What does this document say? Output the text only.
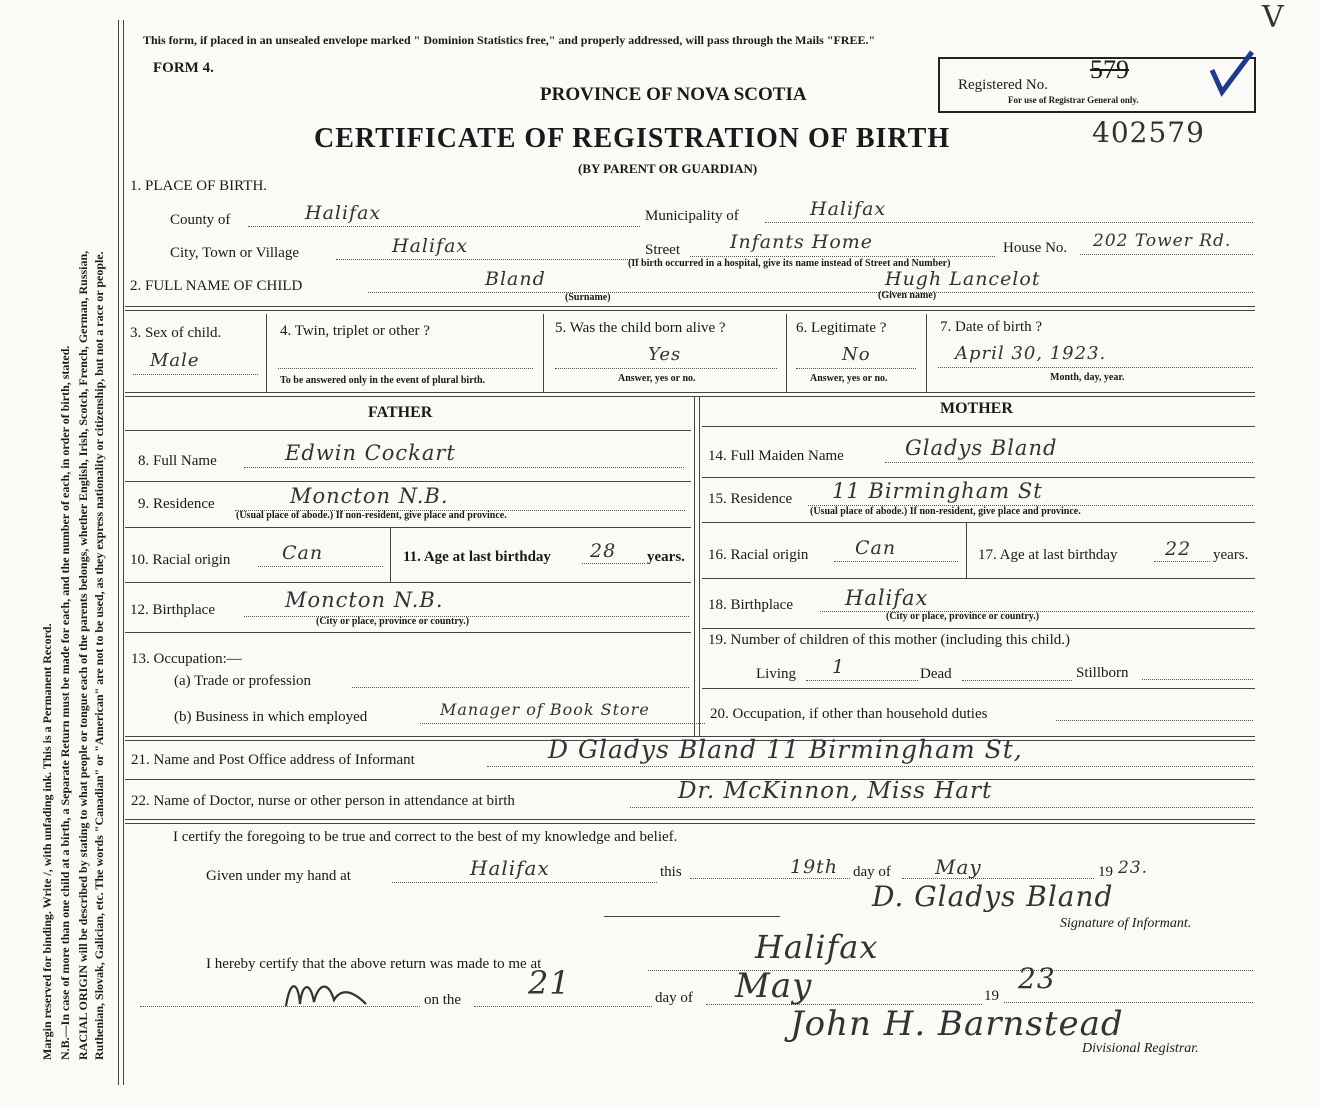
Margin reserved for binding. Write /, with unfading ink. This is a Permanent Record. N.B.—In case of more than one child at a birth, a Separate Return must be made for each, and the number of each, in order of birth, stated. RACIAL ORIGIN will be described by stating to what people or tongue each of the parents belongs, whether English, Irish, Scotch, French, German, Russian, Ruthenian, Slovak, Galician, etc. The words "Canadian" or "American" are not to be used, as they express nationality or citizenship, but not a race or people.
This form, if placed in an unsealed envelope marked " Dominion Statistics free," and properly addressed, will pass through the Mails "FREE."
FORM 4.
PROVINCE OF NOVA SCOTIA
CERTIFICATE OF REGISTRATION OF BIRTH	402579
(BY PARENT OR GUARDIAN)
V
Registered No.
579
For use of Registrar General only.
1. PLACE OF BIRTH.
County of	Halifax	Municipality of	Halifax
City, Town or Village	Halifax	Street	Infants Home	House No. 202 Tower Rd.
(If birth occurred in a hospital, give its name instead of Street and Number)
2. FULL NAME OF CHILD	Bland
(Surname)
Hugh Lancelot
(Given name)
3. Sex of child.
Male
4. Twin, triplet or other ?
To be answered only in the event of plural birth.
5. Was the child born alive ?
Yes
Answer, yes or no.
6. Legitimate ?
No
Answer, yes or no.
7. Date of birth ?
April 30, 1923.
Month, day, year.
FATHER	MOTHER
8. Full Name	Edwin Cockart
9. Residence	Moncton N.B.
(Usual place of abode.) If non-resident, give place and province.
10. Racial origin	Can	11. Age at last birthday 28 years.
12. Birthplace	Moncton N.B.
(City or place, province or country.)
13. Occupation:—
(a) Trade or profession
(b) Business in which employed	Manager of Book Store
14. Full Maiden Name	Gladys Bland
15. Residence 11 Birmingham St
(Usual place of abode.) If non-resident, give place and province.
16. Racial origin Can	17. Age at last birthday 22 years.
18. Birthplace Halifax
(City or place, province or country.)
19. Number of children of this mother (including this child.)
Living 1	Dead	Stillborn
20. Occupation, if other than household duties
21. Name and Post Office address of Informant	D Gladys Bland 11 Birmingham St,
22. Name of Doctor, nurse or other person in attendance at birth	Dr. McKinnon, Miss Hart
I certify the foregoing to be true and correct to the best of my knowledge and belief.
Given under my hand at	Halifax	this	19th day of May	19 23.
D. Gladys Bland
Signature of Informant.
I hereby certify that the above return was made to me at	Halifax
on the 21	day of May	19
23
John H. Barnstead
Divisional Registrar.
